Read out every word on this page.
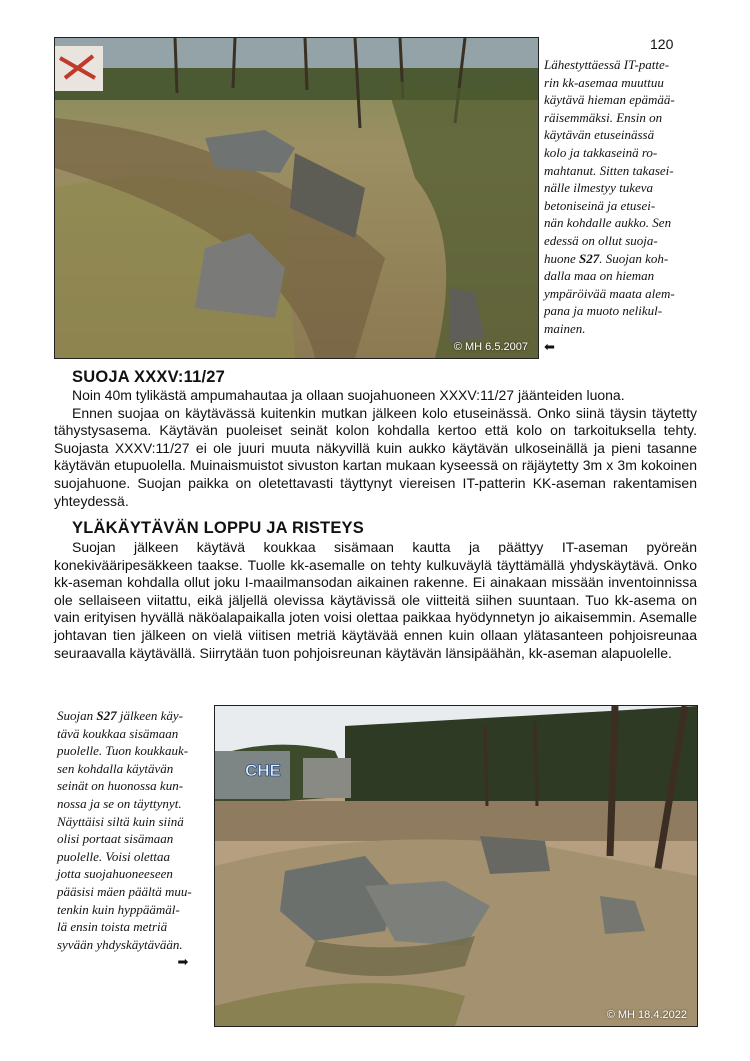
120
© MH 6.5.2007
Lähestyttäessä IT-patte-
rin kk-asemaa muuttuu
käytävä hieman epämää-
räisemmäksi. Ensin on
käytävän etuseinässä
kolo ja takkaseinä ro-
mahtanut. Sitten takasei-
nälle ilmestyy tukeva
betoniseinä ja etusei-
nän kohdalle aukko. Sen
edessä on ollut suoja-
huone S27. Suojan koh-
dalla maa on hieman
ympäröivää maata alem-
pana ja muoto nelikul-
mainen.
⬅
SUOJA XXXV:11/27

Noin 40m tylikästä ampumahautaa ja ollaan suojahuoneen XXXV:11/27 jäänteiden luona.

Ennen suojaa on käytävässä kuitenkin mutkan jälkeen kolo etuseinässä. Onko siinä täysin täytetty tähystysasema. Käytävän puoleiset seinät kolon kohdalla kertoo että kolo on tarkoituksella tehty. Suojasta XXXV:11/27 ei ole juuri muuta näkyvillä kuin aukko käytävän ulkoseinällä ja pieni tasanne käytävän etupuolella. Muinaismuistot sivuston kartan mukaan kyseessä on räjäytetty 3m x 3m kokoinen suojahuone. Suojan paikka on oletettavasti täyttynyt viereisen IT-patterin KK-aseman rakentamisen yhteydessä.

YLÄKÄYTÄVÄN LOPPU JA RISTEYS

Suojan jälkeen käytävä koukkaa sisämaan kautta ja päättyy IT-aseman pyöreän konekivääripesäkkeen taakse. Tuolle kk-asemalle on tehty kulkuväylä täyttämällä yhdyskäytävä. Onko kk-aseman kohdalla ollut joku I-maailmansodan aikainen rakenne. Ei ainakaan missään inventoinnissa ole sellaiseen viitattu, eikä jäljellä olevissa käytävissä ole viitteitä siihen suuntaan. Tuo kk-asema on vain erityisen hyvällä näköalapaikalla joten voisi olettaa paikkaa hyödynnetyn jo aikaisemmin. Asemalle johtavan tien jälkeen on vielä viitisen metriä käytävää ennen kuin ollaan ylätasanteen pohjoisreunaa seuraavalla käytävällä. Siirrytään tuon pohjoisreunan käytävän länsipäähän, kk-aseman alapuolelle.

Suojan S27 jälkeen käy-
tävä koukkaa sisämaan
puolelle. Tuon koukkauk-
sen kohdalla käytävän
seinät on huonossa kun-
nossa ja se on täyttynyt.
Näyttäisi siltä kuin siinä
olisi portaat sisämaan
puolelle. Voisi olettaa
jotta suojahuoneeseen
pääsisi mäen päältä muu-
tenkin kuin hyppäämäl-
lä ensin toista metriä
syvään yhdyskäytävään.

➡
CHE
© MH 18.4.2022
